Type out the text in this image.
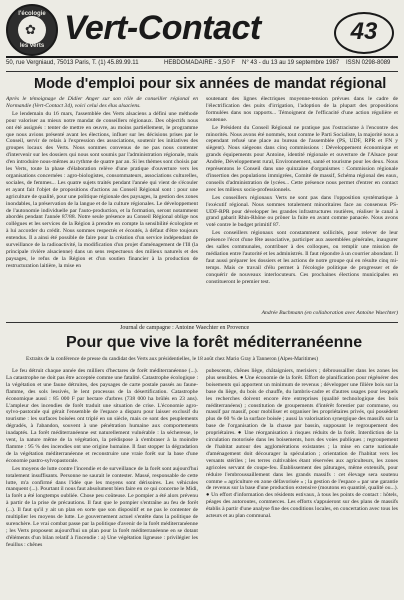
l'écologie
✿
les verts Vert-Contact	43
50, rue Vergniaud, 75013 Paris, T. (1) 45.89.99.11	HEBDOMADAIRE - 3,50 F N° 43 - du 13 au 19 septembre 1987 ISSN 0298-8089
Mode d'emploi pour six années de mandat régional

Après le témoignage de Didier Anger sur son rôle de conseiller régional en Normandie (Vert-Contact 34), voici celui des élus alsaciens.

Le lendemain du 16 mars, l'assemblée des Verts alsaciens a défini une méthode pour valoriser au mieux notre mandat de conseillers régionaux. Des objectifs nous ont été assignés : tenter de mettre en œuvre, au moins partiellement, le programme que nous avions présenté avant les élections, influer sur les décisions prises par le Conseil, servir de relais à l'expression des associations, soutenir les initiatives des groupes locaux des Verts. Nous sommes convenus de ne pas nous contenter d'intervenir sur les dossiers qui nous sont soumis par l'administration régionale, mais d'en introduire nous-mêmes au rythme de quatre par an. Si les thèmes sont choisis par les Verts, toute la phase d'élaboration relève d'une pratique d'ouverture vers les organisations concernées : agro-biologistes, consommateurs, associations culturelles, sociales, de femmes... Les quatre sujets traités pendant l'année qui vient de s'écouler et ayant fait l'objet de propositions d'actions au Conseil Régional sont : pour une agriculture de qualité, pour une politique régionale des paysages, la gestion des zones inondables, la préservation de la langue et de la culture régionales. Le développement de l'autonomie individuelle par l'auto-production, et la formation, seront notamment abordés pendant l'année 87/88. Notre seule présence au Conseil Régional oblige nos collègues et les services de la Région à prendre en compte la sensibilité écologiste et à lui accorder du crédit. Nous sommes respectés et écoutés, à défaut d'être toujours entendus. Il a ainsi été possible de faire pour la création d'un service indépendant de surveillance de la radioactivité, la modification d'un projet d'aménagement de l'Ill (la principale rivière alsacienne) dans un sens respectueux des milieux naturels et des paysages, le refus de la Région et d'un soutien financier à la production de restructuration laitière, la mise en

soutenant des lignes électriques moyenne-tension prévues dans le cadre de l'électrification des puits d'irrigation, l'adoption de la plupart des propositions formulées dans nos rapports... Témoignent de l'efficacité d'une action régulière et soutenue.

Le Président du Conseil Régional ne pratique pas l'ostracisme à l'encontre des minorités. Nous avons été nommés, tout comme le Parti Socialiste, la majorité nous a cependant refusé une place au bureau de l'assemblée (PS, UDF, RPR et FN y siègent). Nous siégeons dans cinq commissions : Développement économique et grands équipements pour Antoine, identité régionale et ouverture de l'Alsace pour Andrée, Développement rural, Environnement, santé et tourisme pour les deux. Nous représentons le Conseil dans une quinzaine d'organismes : Commission régionale d'insertion des populations immigrées, Comité de massif, Schéma régional des eaux, conseils d'administration de lycées... Cette présence nous permet d'entrer en contact avec les milieux socio-professionnels.

Les conseillers régionaux Verts ne sont pas dans l'opposition systématique à l'exécutif régional. Nous sommes totalement minoritaires face au consensus PS-UDF-RPR pour développer les grandes infrastructures routières, réaliser le canal à grand gabarit Rhin-Rhône ou prôner la fuite en avant comme panacée. Nous avons voté contre le budget primitif 87.

Les conseillers régionaux sont constamment sollicités, pour relever de leur présence l'écot d'une fête associative, participer aux assemblées générales, inaugurer des salles communales, contribuer à des colloques, ou remplir une mission de médiation entre l'autorité et les administrés. Il faut répondre à un courrier abondant. Il faut aussi préparer les dossiers et les actions de notre groupe qui en résulte cinq mi-temps. Mais ce travail d'élu permet à l'écologie politique de progresser et de conquérir de nouveaux interlocuteurs. Ces prochaines élections municipales en constitueront le premier test.

Andrée Buchmann (en collaboration avec Antoine Waechter)
Journal de campagne : Antoine Waechter en Provence
Pour que vive la forêt méditerranéenne
Extraits de la conférence de presse du candidat des Verts aux présidentielles, le 18 août chez Mario Gray à Tanneron (Alpes-Maritimes)

Le feu détruit chaque année des milliers d'hectares de forêt méditerranéenne (...). La catastrophe ne doit pas être acceptée comme une fatalité. Catastrophe écologique : la végétation et une faune détruites, des paysages de carte postale passés au faune-flamme, des sols lessivés, le lent processus de la désertification. Catastrophe économique aussi : 85 000 F par hectare d'arbres (738 000 ha brûlés en 23 ans). L'ampleur des incendies de forêt traduit une situation de crise. L'économie agro-sylvo-pastorale qui gérait l'ensemble de l'espace a disparu pour laisser exclusif du tourisme : les surfaces boisées ont triplé en un siècle, mais ce sont des peuplements dégradés, à l'abandon, souvent à une pénétration humaine aux comportements inadaptés. La forêt méditerranéenne est naturellement vulnérable : la sécheresse, le vent, la nature même de la végétation, la prédispose à s'embraser à la moindre flamme : 95 % des incendies ont une origine humaine. Il faut stopper la dégradation de la végétation méditerranéenne et reconstruire une vraie forêt sur la base d'une économie pastro-sylvopastorale.

Les moyens de lutte contre l'incendie et de surveillance de la forêt sont aujourd'hui totalement insuffisants. Personne ne saurait le contester. Massé, responsable de cette lutte, m'a confirmé dans l'idée que les moyens sont dérisoires. Les véhicules manquent (...). Pourtant il nous faut absolument bien faire en ce qui concerne le Midi, la forêt a été longtemps oubliée. Chose peu coûteuse. Le pompier a été alors prévenu à partir de la prise de précautions. Il faut que le pompier s'entraîne au feu de forêt (...). Il faut qu'il y ait un plan en sorte que son dispositif et ne pas le contenter de multiplier les moyens de lutte. Le gouvernement actuel s'entête dans la politique de surenchère. Le vrai combat passe par la politique d'avenir de la forêt méditerranéenne ; les Verts proposent aujourd'hui un plan pour la forêt méditerranéenne en se dotant d'éléments d'un bilan relatif à l'incendie : a) Une végétation ligneuse : privilégier les feuillus : chênes

pubescents, chênes liège, châtaigniers, merisiers ; débroussailler dans les zones les plus sensibles. ● Une économie de la forêt. Effort de planification pour régénérer des boisements qui apportent un minimum de revenus ; développer une filière bois sur la base du liège, du bois de chauffe, du lambris-cadre et d'autres usages pour lesquels les recherches doivent encore être entreprises (qualité technologique des bois méditerranéens) ; constitution de groupements d'intérêt forestier par commune, ou massif par massif, pour mobiliser et organiser les propriétaires privés, qui possèdent plus de 60 % de la surface boisée ; aussi la valorisation synergique des massifs sur la base de l'organisation de la chasse par bassin, supposant le regroupement des propriétaires. ● Une réorganisation à risques réduits de la forêt. Interdiction de la circulation motorisée dans les boisements, hors des voies publiques ; regroupement de l'habitat autour des agglomérations existantes ; la mise en carte nationale d'aménagement doit décourager la spéculation ; orientation de l'habitat vers les versants stériles ; les terres cultivables étant réservées aux agriculteurs, les zones agricoles servant de coupe-feu. Établissement des pâturages, même extensifs, pour réduire l'embroussaillement dans les grands massifs : cet élevage sera soutenu comme « agriculture en zone défavorisée » ; la gestion de l'espace » par une garantie de revenus sur la base d'une production extensive (moutons en quantité, qualité ou...). ● Un effort d'information des résidents estivaux, à tous les points de contact : hôtels, péages des autoroutes, commerces. Les efforts s'appuieront sur des plans de massifs établis à partir d'une analyse fine des conditions locales, en concertation avec tous les acteurs et au plan communal.
